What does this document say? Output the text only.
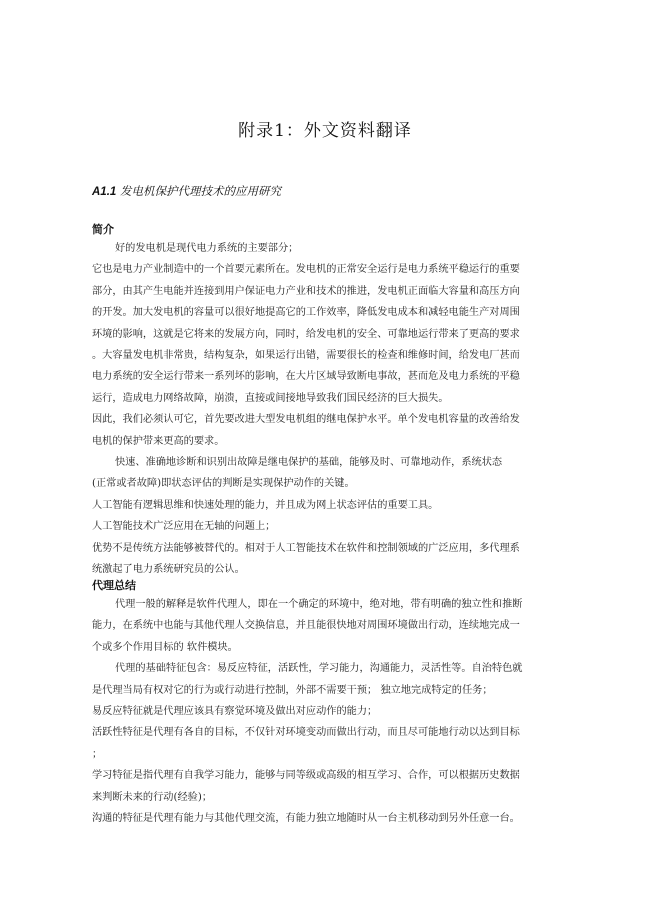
附录1：外文资料翻译
A1.1 发电机保护代理技术的应用研究
简介

好的发电机是现代电力系统的主要部分；

它也是电力产业制造中的一个首要元素所在。发电机的正常安全运行是电力系统平稳运行的重要

部分，由其产生电能并连接到用户保证电力产业和技术的推进，发电机正面临大容量和高压方向

的开发。加大发电机的容量可以很好地提高它的工作效率，降低发电成本和减轻电能生产对周围

环境的影响，这就是它将来的发展方向，同时，给发电机的安全、可靠地运行带来了更高的要求

。大容量发电机非常贵，结构复杂，如果运行出错，需要很长的检查和维修时间，给发电厂甚而

电力系统的安全运行带来一系列坏的影响，在大片区域导致断电事故，甚而危及电力系统的平稳

运行，造成电力网络故障，崩溃，直接或间接地导致我们国民经济的巨大损失。

因此，我们必须认可它，首先要改进大型发电机组的继电保护水平。单个发电机容量的改善给发

电机的保护带来更高的要求。

快速、准确地诊断和识别出故障是继电保护的基础，能够及时、可靠地动作，系统状态

(正常或者故障)即状态评估的判断是实现保护动作的关键。

人工智能有逻辑思维和快速处理的能力，并且成为网上状态评估的重要工具。

人工智能技术广泛应用在无轴的问题上；

优势不是传统方法能够被替代的。相对于人工智能技术在软件和控制领域的广泛应用，多代理系

统激起了电力系统研究员的公认。

代理总结

代理一般的解释是软件代理人，即在一个确定的环境中，绝对地，带有明确的独立性和推断

能力，在系统中也能与其他代理人交换信息，并且能很快地对周围环境做出行动，连续地完成一

个或多个作用目标的 软件模块。

代理的基础特征包含：易反应特征，活跃性，学习能力，沟通能力，灵活性等。自治特色就

是代理当局有权对它的行为或行动进行控制，外部不需要干预； 独立地完成特定的任务；

易反应特征就是代理应该具有察觉环境及做出对应动作的能力；

活跃性特征是代理有各自的目标，不仅针对环境变动而做出行动，而且尽可能地行动以达到目标

；

学习特征是指代理有自我学习能力，能够与同等级或高级的相互学习、合作，可以根据历史数据

来判断未来的行动(经验)；

沟通的特征是代理有能力与其他代理交流，有能力独立地随时从一台主机移动到另外任意一台。
